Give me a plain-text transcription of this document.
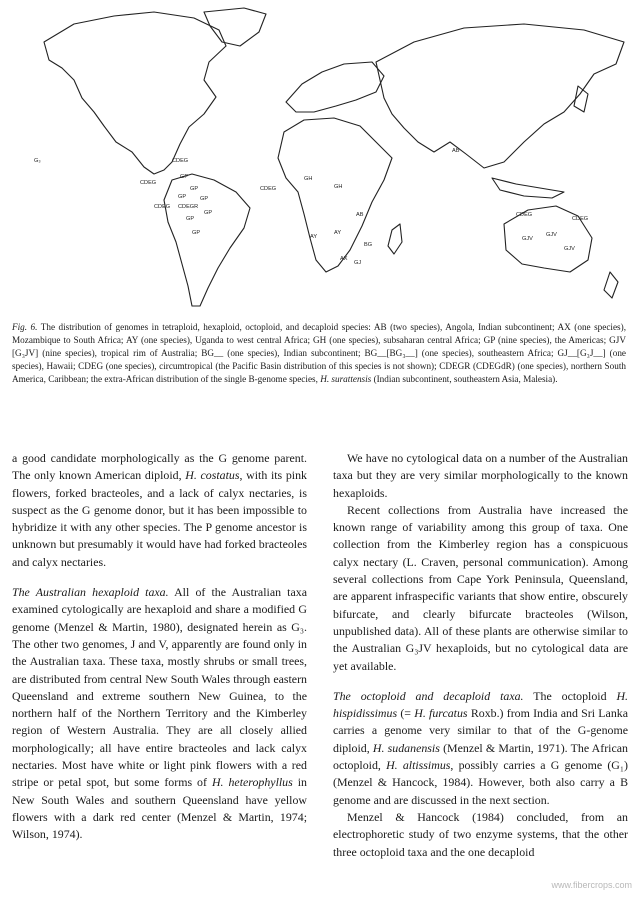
G₃	CDEG
CDEG
CDEG CDEGR
GP
GP
GP
GP
GP
GP
CDEG
GP
GH
GH
AY
AY
AX
AB
GJ
CDEG
CDEG
GJV
GJV
GJV
AB
BG

Fig. 6. The distribution of genomes in tetraploid, hexaploid, octoploid, and decaploid species: AB (two species), Angola, Indian subcontinent; AX (one species), Mozambique to South Africa; AY (one species), Uganda to west central Africa; GH (one species), subsaharan central Africa; GP (nine species), the Americas; GJV [G₃JV] (nine species), tropical rim of Australia; BG__ (one species), Indian subcontinent; BG__[BG₃__] (one species), southeastern Africa; GJ__[G₃J__] (one species), Hawaii; CDEG (one species), circumtropical (the Pacific Basin distribution of this species is not shown); CDEGR (CDEGdR) (one species), northern South America, Caribbean; the extra-African distribution of the single B-genome species, H. surattensis (Indian subcontinent, southeastern Asia, Malesia).

a good candidate morphologically as the G genome parent. The only known American diploid, H. costatus, with its pink flowers, forked bracteoles, and a lack of calyx nectaries, is suspect as the G genome donor, but it has been impossible to hybridize it with any other species. The P genome ancestor is unknown but presumably it would have had forked bracteoles and calyx nectaries.

The Australian hexaploid taxa. All of the Australian taxa examined cytologically are hexaploid and share a modified G genome (Menzel & Martin, 1980), designated herein as G₃. The other two genomes, J and V, apparently are found only in the Australian taxa. These taxa, mostly shrubs or small trees, are distributed from central New South Wales through eastern Queensland and extreme southern New Guinea, to the northern half of the Northern Territory and the Kimberley region of Western Australia. They are all closely allied morphologically; all have entire bracteoles and lack calyx nectaries. Most have white or light pink flowers with a red stripe or petal spot, but some forms of H. heterophyllus in New South Wales and southern Queensland have yellow flowers with a dark red center (Menzel & Martin, 1974; Wilson, 1974).

We have no cytological data on a number of the Australian taxa but they are very similar morphologically to the known hexaploids.

Recent collections from Australia have increased the known range of variability among this group of taxa. One collection from the Kimberley region has a conspicuous calyx nectary (L. Craven, personal communication). Among several collections from Cape York Peninsula, Queensland, are apparent infraspecific variants that show entire, obscurely bifurcate, and clearly bifurcate bracteoles (Wilson, unpublished data). All of these plants are otherwise similar to the Australian G₃JV hexaploids, but no cytological data are yet available.

The octoploid and decaploid taxa. The octoploid H. hispidissimus (= H. furcatus Roxb.) from India and Sri Lanka carries a genome very similar to that of the G-genome diploid, H. sudanensis (Menzel & Martin, 1971). The African octoploid, H. altissimus, possibly carries a G genome (G₁) (Menzel & Hancock, 1984). However, both also carry a B genome and are discussed in the next section.

Menzel & Hancock (1984) concluded, from an electrophoretic study of two enzyme systems, that the other three octoploid taxa and the one decaploid

www.fibercrops.com
